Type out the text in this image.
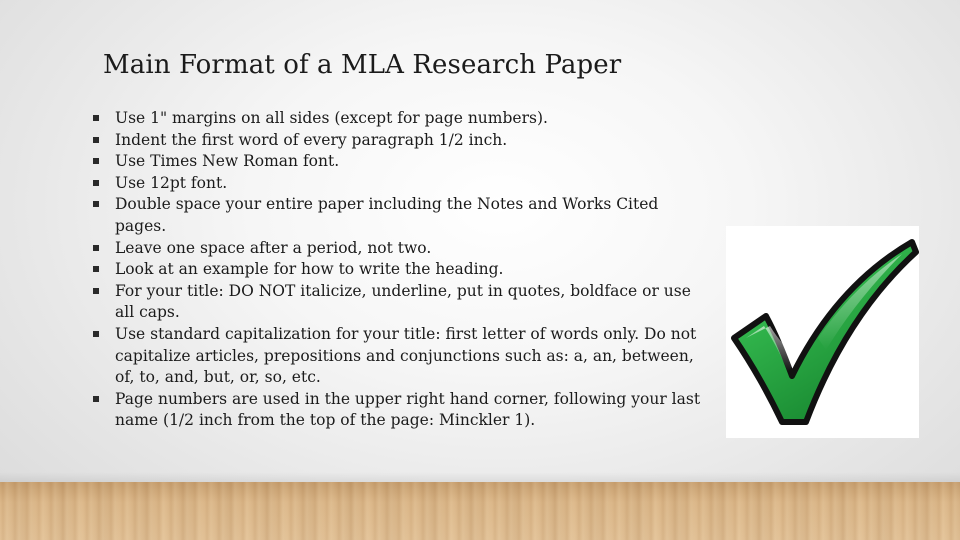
Main Format of a MLA Research Paper
Use 1" margins on all sides (except for page numbers).
Indent the first word of every paragraph 1/2 inch.
Use Times New Roman font.
Use 12pt font.
Double space your entire paper including the Notes and Works Cited pages.
Leave one space after a period, not two.
Look at an example for how to write the heading.
For your title: DO NOT italicize, underline, put in quotes, boldface or use all caps.
Use standard capitalization for your title: first letter of words only. Do not capitalize articles, prepositions and conjunctions such as: a, an, between, of, to, and, but, or, so, etc.
Page numbers are used in the upper right hand corner, following your last name (1/2 inch from the top of the page: Minckler 1).
